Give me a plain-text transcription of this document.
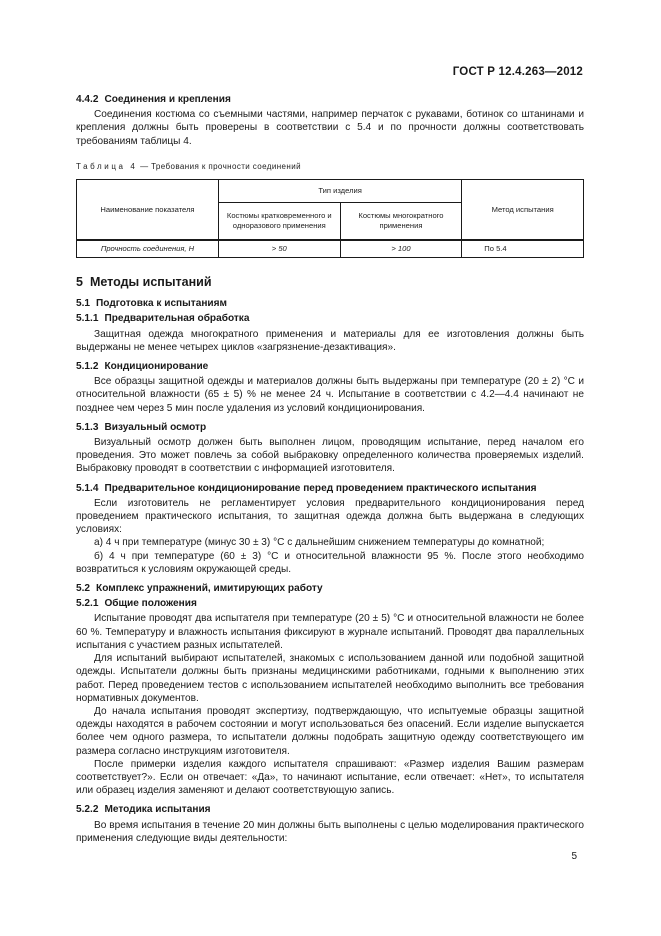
ГОСТ Р 12.4.263—2012
4.4.2 Соединения и крепления

Соединения костюма со съемными частями, например перчаток с рукавами, ботинок со штанинами и крепления должны быть проверены в соответствии с 5.4 и по прочности должны соответствовать требованиям таблицы 4.

Таблица 4 — Требования к прочности соединений
Наименование показателя	Тип изделия		Метод испытания
	Костюмы кратковременного и одноразового применения	Костюмы многократного применения	
Прочность соединения, Н	> 50	> 100	По 5.4
5 Методы испытаний
5.1 Подготовка к испытаниям
5.1.1 Предварительная обработка

Защитная одежда многократного применения и материалы для ее изготовления должны быть выдержаны не менее четырех циклов «загрязнение-дезактивация».

5.1.2 Кондиционирование

Все образцы защитной одежды и материалов должны быть выдержаны при температуре (20 ± 2) °С и относительной влажности (65 ± 5) % не менее 24 ч. Испытание в соответствии с 4.2—4.4 начинают не позднее чем через 5 мин после удаления из условий кондиционирования.

5.1.3 Визуальный осмотр

Визуальный осмотр должен быть выполнен лицом, проводящим испытание, перед началом его проведения. Это может повлечь за собой выбраковку определенного количества проверяемых изделий. Выбраковку проводят в соответствии с информацией изготовителя.

5.1.4 Предварительное кондиционирование перед проведением практического испытания

Если изготовитель не регламентирует условия предварительного кондиционирования перед проведением практического испытания, то защитная одежда должна быть выдержана в следующих условиях:

а) 4 ч при температуре (минус 30 ± 3) °С с дальнейшим снижением температуры до комнатной;

б) 4 ч при температуре (60 ± 3) °С и относительной влажности 95 %. После этого необходимо возвратиться к условиям окружающей среды.

5.2 Комплекс упражнений, имитирующих работу
5.2.1 Общие положения

Испытание проводят два испытателя при температуре (20 ± 5) °С и относительной влажности не более 60 %. Температуру и влажность испытания фиксируют в журнале испытаний. Проводят два параллельных испытания с участием разных испытателей.

Для испытаний выбирают испытателей, знакомых с использованием данной или подобной защитной одежды. Испытатели должны быть признаны медицинскими работниками, годными к выполнению этих работ. Перед проведением тестов с использованием испытателей необходимо выполнить все требования нормативных документов.

До начала испытания проводят экспертизу, подтверждающую, что испытуемые образцы защитной одежды находятся в рабочем состоянии и могут использоваться без опасений. Если изделие выпускается более чем одного размера, то испытатели должны подобрать защитную одежду соответствующего им размера согласно инструкциям изготовителя.

После примерки изделия каждого испытателя спрашивают: «Размер изделия Вашим размерам соответствует?». Если он отвечает: «Да», то начинают испытание, если отвечает: «Нет», то испытателя или образец изделия заменяют и делают соответствующую запись.

5.2.2 Методика испытания

Во время испытания в течение 20 мин должны быть выполнены с целью моделирования практического применения следующие виды деятельности:

5
